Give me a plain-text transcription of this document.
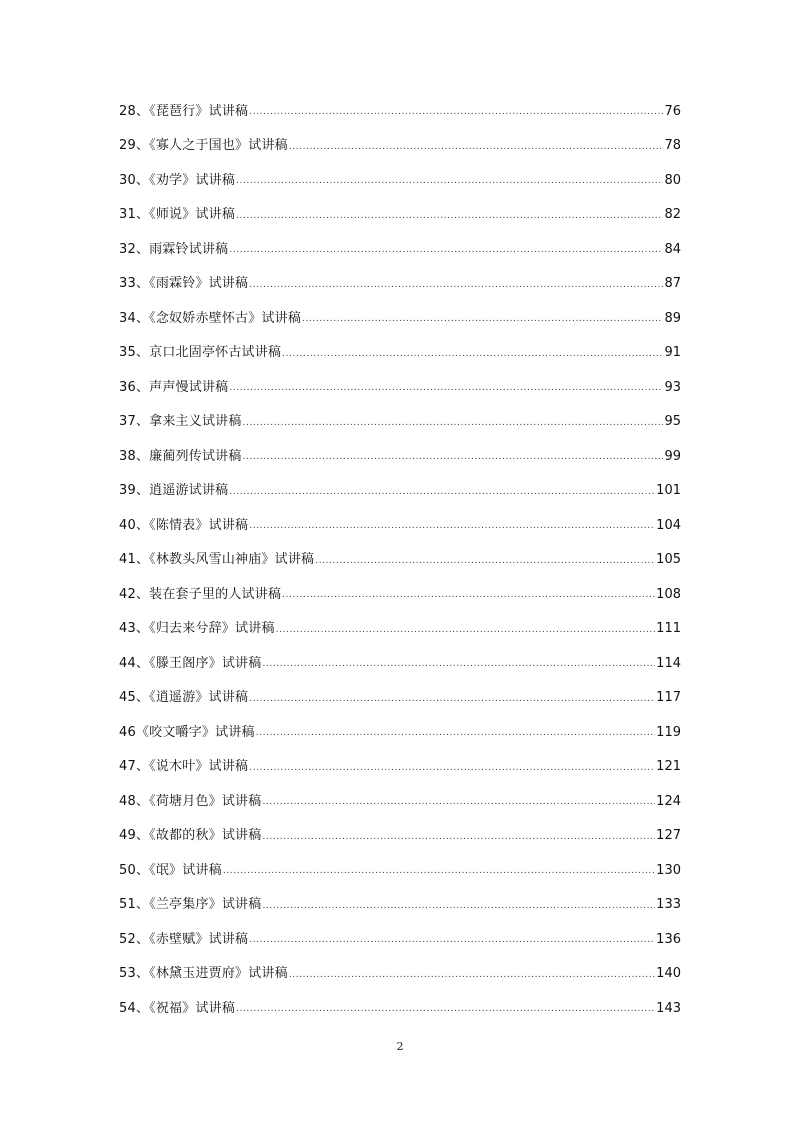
28、《琵琶行》试讲稿 .....	76
29、《寡人之于国也》试讲稿 .....	78
30、《劝学》试讲稿 .....	80
31、《师说》试讲稿 .....	82
32、雨霖铃试讲稿 .....	84
33、《雨霖铃》试讲稿 .....	87
34、《念奴娇赤壁怀古》试讲稿 .....	89
35、京口北固亭怀古试讲稿 .....	91
36、声声慢试讲稿 .....	93
37、拿来主义试讲稿 .....	95
38、廉蔺列传试讲稿 .....	99
39、逍遥游试讲稿 .....	101
40、《陈情表》试讲稿 .....	104
41、《林教头风雪山神庙》试讲稿 .....	105
42、装在套子里的人试讲稿 .....	108
43、《归去来兮辞》试讲稿 .....	111
44、《滕王阁序》试讲稿 .....	114
45、《逍遥游》试讲稿 .....	117
46《咬文嚼字》试讲稿 .....	119
47、《说木叶》试讲稿 .....	121
48、《荷塘月色》试讲稿 .....	124
49、《故都的秋》试讲稿 .....	127
50、《氓》试讲稿 .....	130
51、《兰亭集序》试讲稿 .....	133
52、《赤壁赋》试讲稿 .....	136
53、《林黛玉进贾府》试讲稿 .....	140
54、《祝福》试讲稿 .....	143
2
